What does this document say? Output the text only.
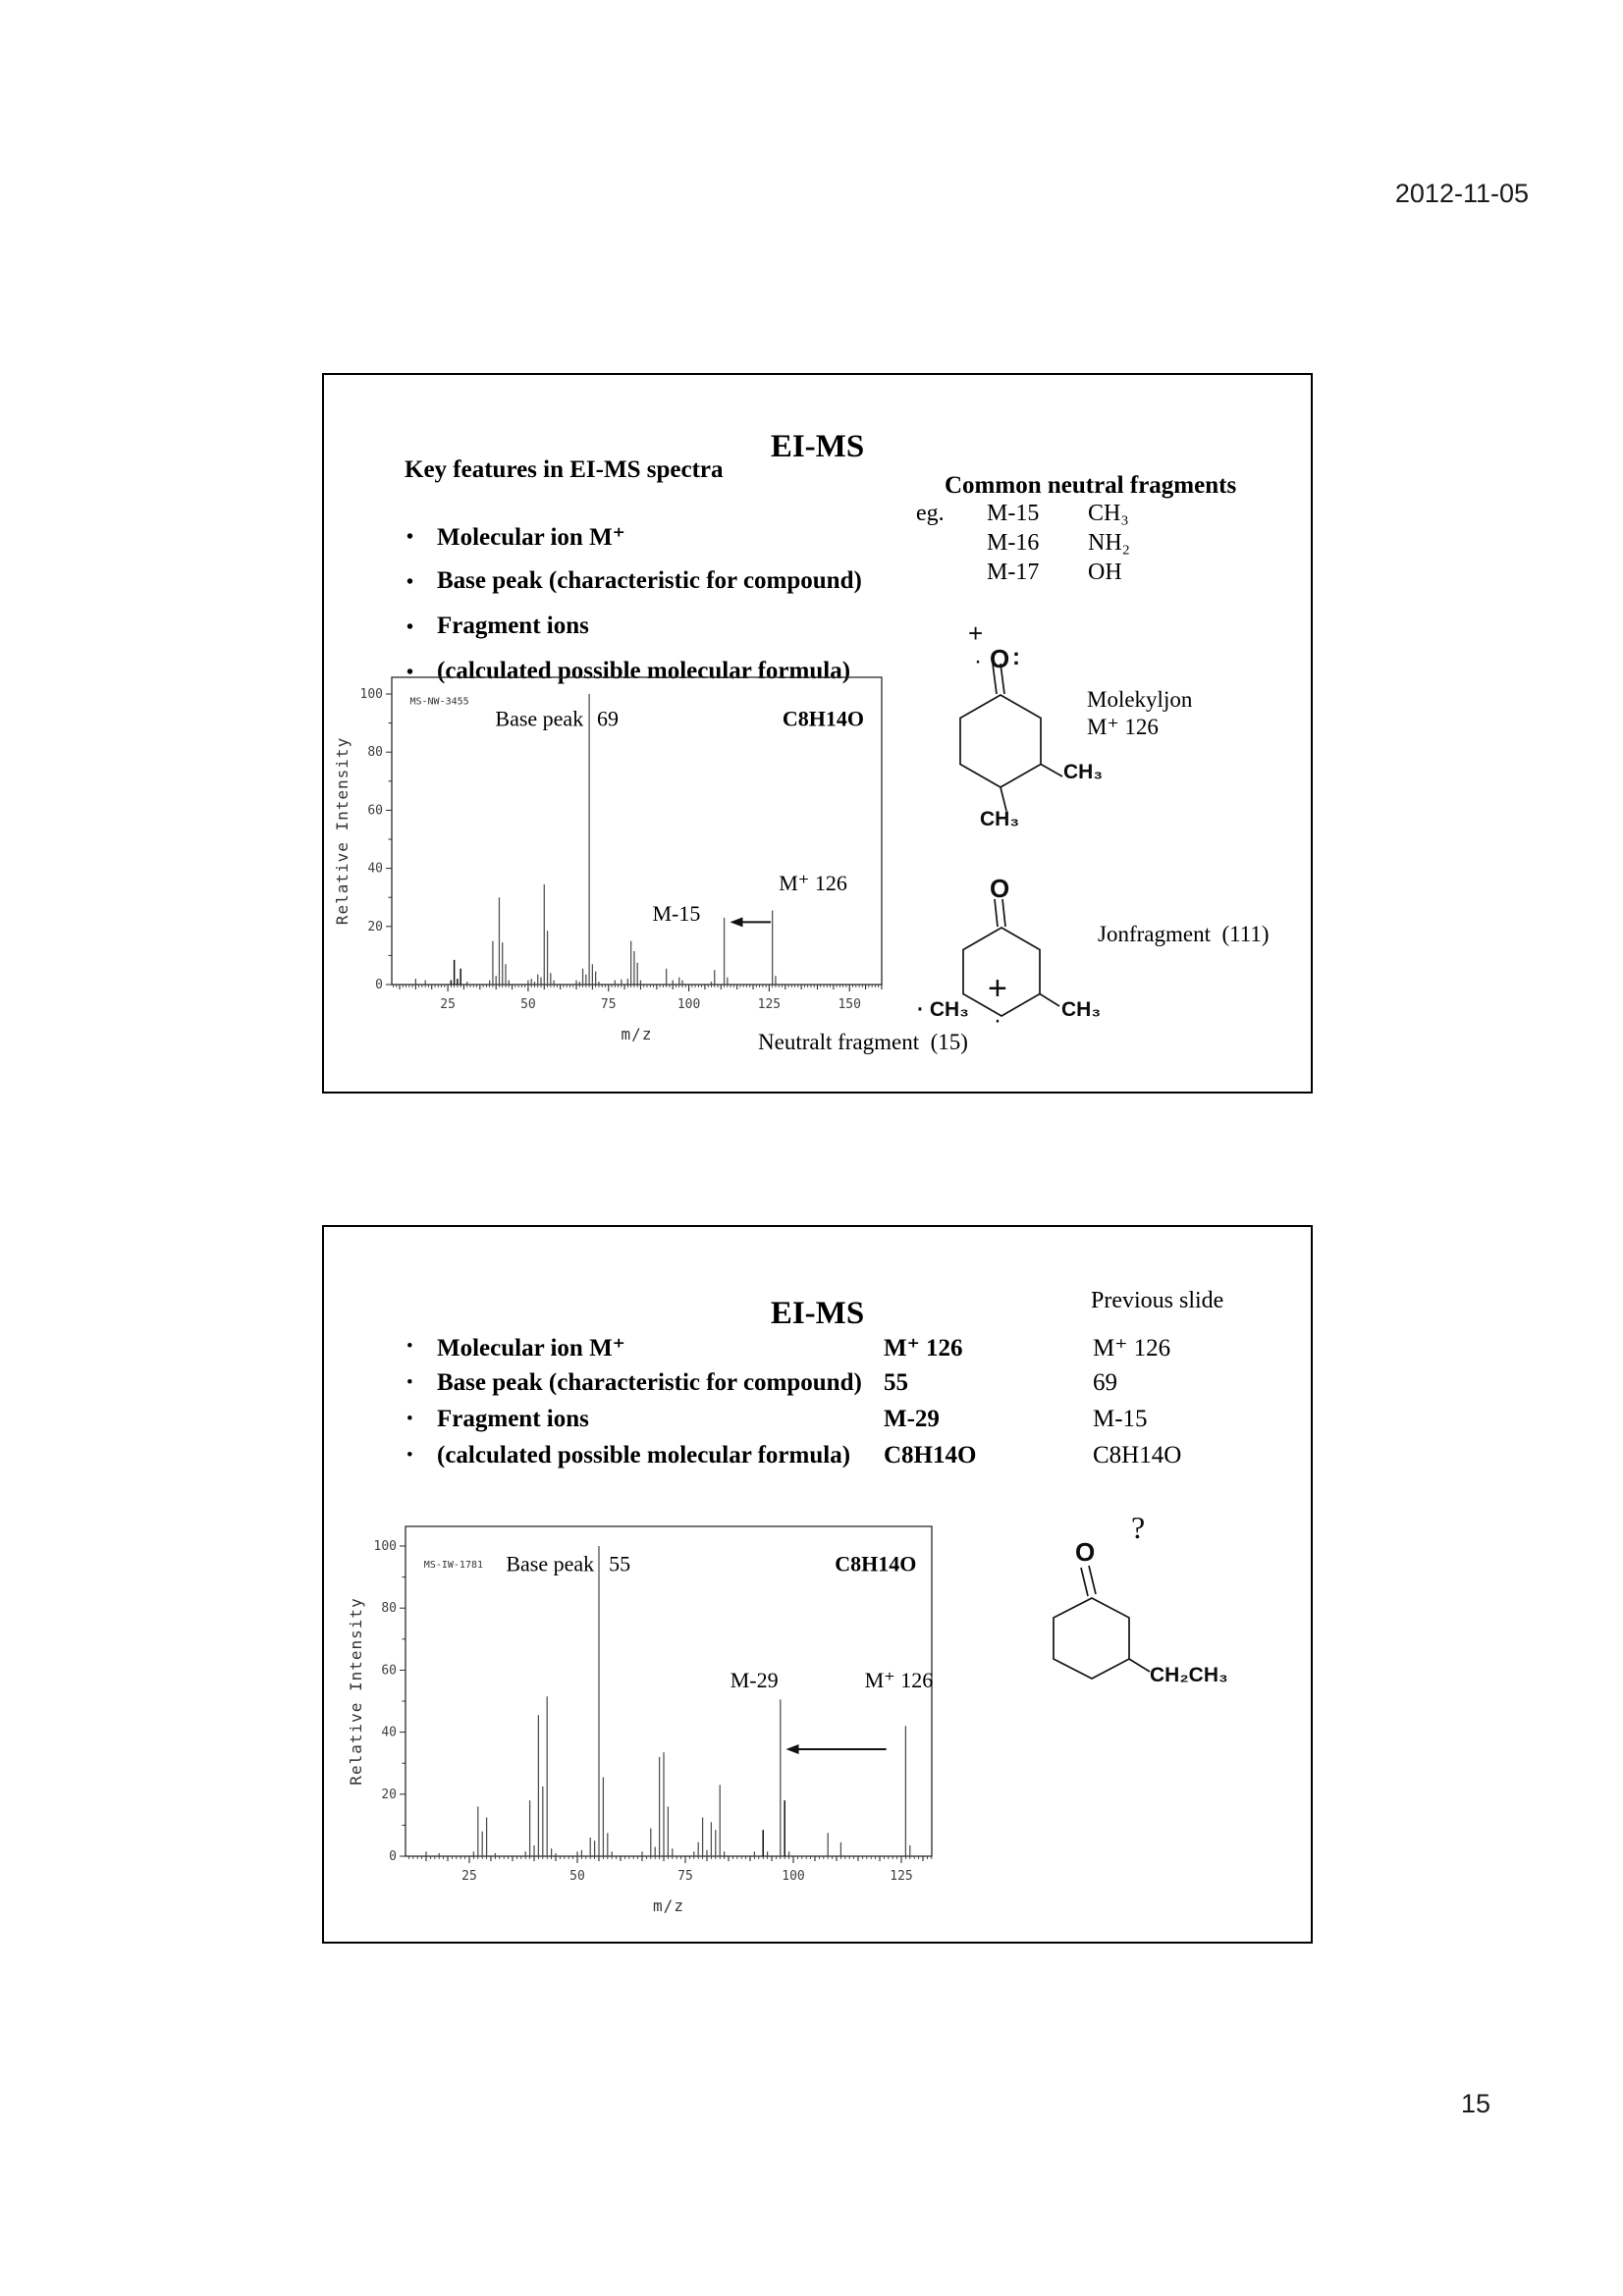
2012-11-05
15
EI-MS
Key features in EI-MS spectra
Molecular ion M⁺
Base peak (characteristic for compound)
Fragment ions
(calculated possible molecular formula)
Common neutral fragments
eg. M-15 CH₃
M-16 NH₂
M-17 OH
25	50	75	100	125	150
0
20
40
60
80
100
m/z
Relative Intensity
MS-NW-3455
Base peak 69	C8H14O
M⁺ 126
M-15
+
· O :
CH₃
CH₃
Molekyljon
M⁺ 126
O
+
· CH₃ ·	CH₃
Jonfragment  (111)
Neutralt fragment  (15)
EI-MS	Previous slide
• Molecular ion M⁺	M⁺ 126	M⁺ 126
• Base peak (characteristic for compound) 55	69
• Fragment ions	M-29	M-15
• (calculated possible molecular formula) C8H14O	C8H14O
25	50	75	100	125
0
20
40
60
80
100
m/z
Relative Intensity
MS-IW-1781 Base peak 55	C8H14O
M-29	M⁺ 126
?
O
CH₂CH₃
